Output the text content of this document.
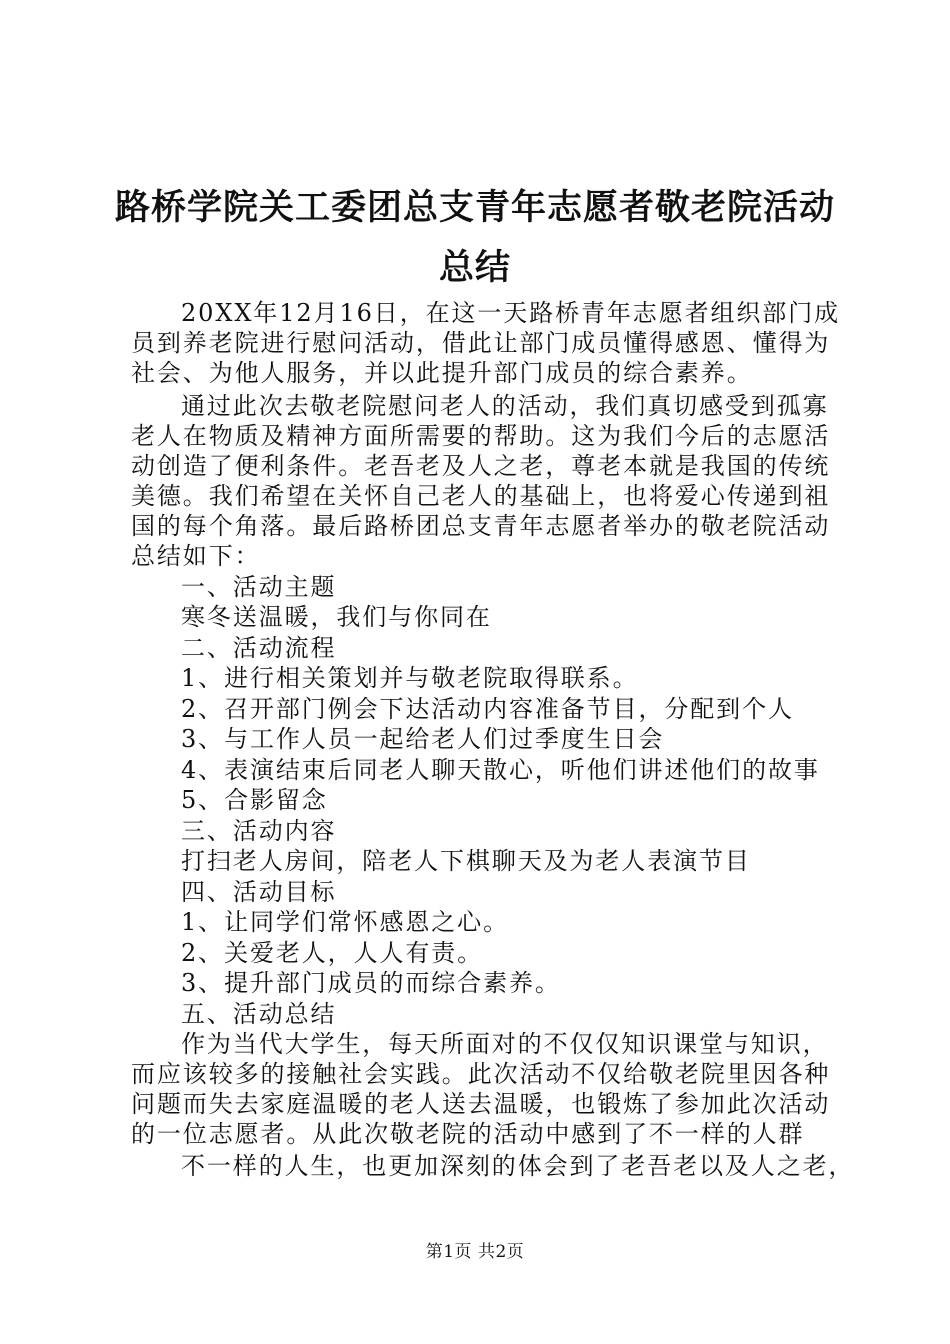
路桥学院关工委团总支青年志愿者敬老院活动
总结
20XX年12月16日，在这一天路桥青年志愿者组织部门成
员到养老院进行慰问活动，借此让部门成员懂得感恩、懂得为
社会、为他人服务，并以此提升部门成员的综合素养。
通过此次去敬老院慰问老人的活动，我们真切感受到孤寡
老人在物质及精神方面所需要的帮助。这为我们今后的志愿活
动创造了便利条件。老吾老及人之老，尊老本就是我国的传统
美德。我们希望在关怀自己老人的基础上，也将爱心传递到祖
国的每个角落。最后路桥团总支青年志愿者举办的敬老院活动
总结如下：
一、活动主题
寒冬送温暖，我们与你同在
二、活动流程
1、进行相关策划并与敬老院取得联系。
2、召开部门例会下达活动内容准备节目，分配到个人
3、与工作人员一起给老人们过季度生日会
4、表演结束后同老人聊天散心，听他们讲述他们的故事
5、合影留念
三、活动内容
打扫老人房间，陪老人下棋聊天及为老人表演节目
四、活动目标
1、让同学们常怀感恩之心。
2、关爱老人，人人有责。
3、提升部门成员的而综合素养。
五、活动总结
作为当代大学生，每天所面对的不仅仅知识课堂与知识，
而应该较多的接触社会实践。此次活动不仅给敬老院里因各种
问题而失去家庭温暖的老人送去温暖，也锻炼了参加此次活动
的一位志愿者。从此次敬老院的活动中感到了不一样的人群
不一样的人生，也更加深刻的体会到了老吾老以及人之老，
第1页 共2页
